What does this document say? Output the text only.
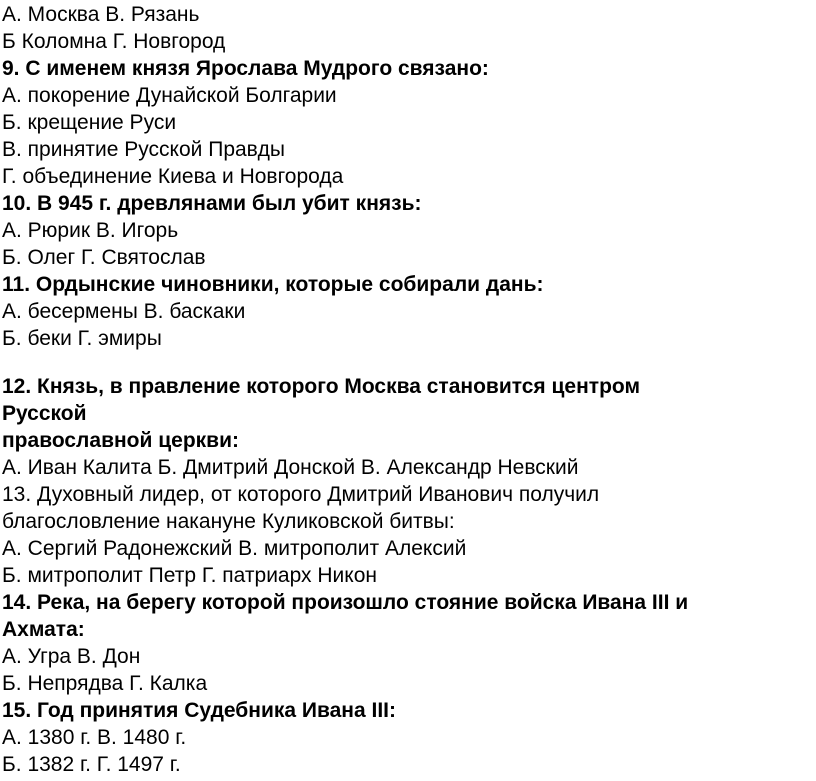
А. Москва В. Рязань
Б Коломна Г. Новгород
9. С именем князя Ярослава Мудрого связано:
А. покорение Дунайской Болгарии
Б. крещение Руси
В. принятие Русской Правды
Г. объединение Киева и Новгорода
10. В 945 г. древлянами был убит князь:
А. Рюрик В. Игорь
Б. Олег Г. Святослав
11. Ордынские чиновники, которые собирали дань:
А. бесермены В. баскаки
Б. беки Г. эмиры
12. Князь, в правление которого Москва становится центром
Русской
православной церкви:
А. Иван Калита Б. Дмитрий Донской В. Александр Невский
13. Духовный лидер, от которого Дмитрий Иванович получил
благословление накануне Куликовской битвы:
А. Сергий Радонежский В. митрополит Алексий
Б. митрополит Петр Г. патриарх Никон
14. Река, на берегу которой произошло стояние войска Ивана III и
Ахмата:
А. Угра В. Дон
Б. Непрядва Г. Калка
15. Год принятия Судебника Ивана III:
А. 1380 г. В. 1480 г.
Б. 1382 г. Г. 1497 г.
